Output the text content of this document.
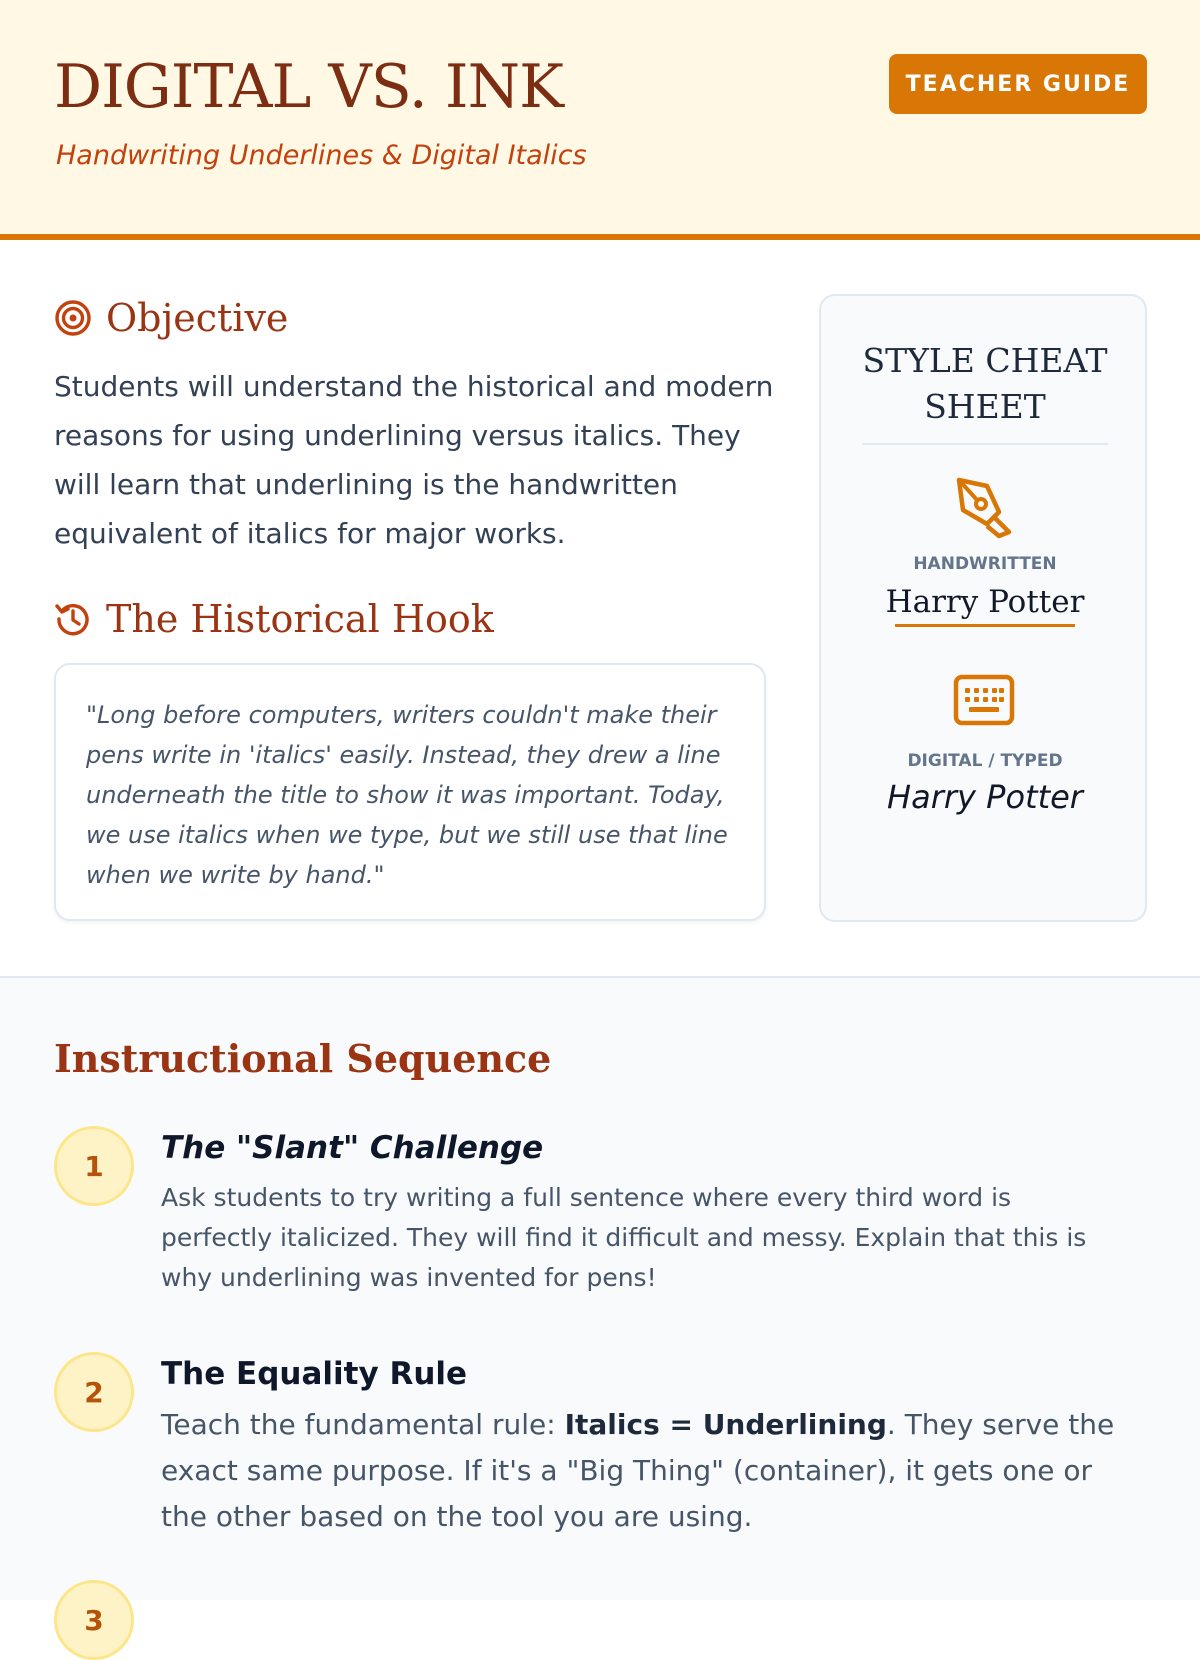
DIGITAL VS. INK
Handwriting Underlines & Digital Italics
TEACHER GUIDE
Objective

Students will understand the historical and modern reasons for using underlining versus italics. They will learn that underlining is the handwritten equivalent of italics for major works.

The Historical Hook

"Long before computers, writers couldn't make their pens write in 'italics' easily. Instead, they drew a line underneath the title to show it was important. Today, we use italics when we type, but we still use that line when we write by hand."

STYLE CHEAT SHEET
HANDWRITTEN
Harry Potter
DIGITAL / TYPED
Harry Potter
Instructional Sequence
1	The "Slant" Challenge

Ask students to try writing a full sentence where every third word is perfectly italicized. They will find it difficult and messy. Explain that this is why underlining was invented for pens!

2	The Equality Rule

Teach the fundamental rule: Italics = Underlining. They serve the exact same purpose. If it's a "Big Thing" (container), it gets one or the other based on the tool you are using.

3
